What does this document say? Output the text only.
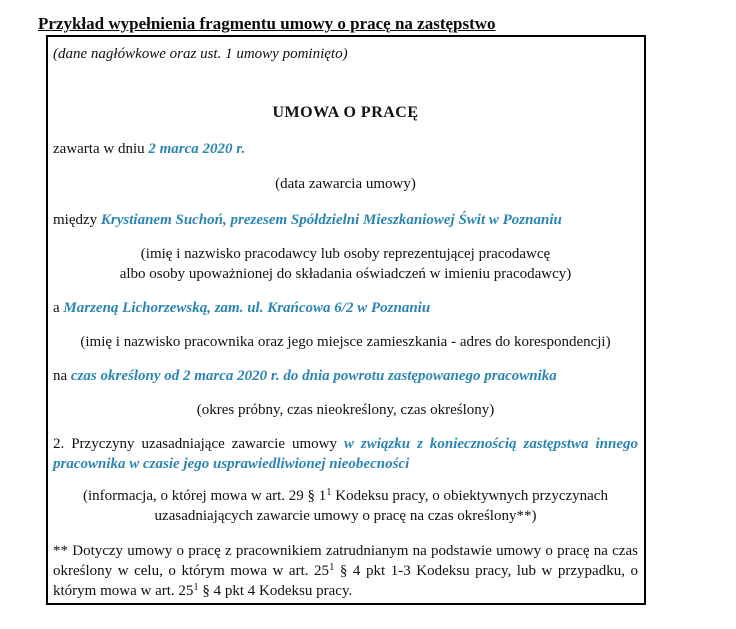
Przykład wypełnienia fragmentu umowy o pracę na zastępstwo

(dane nagłówkowe oraz ust. 1 umowy pominięto)

UMOWA O PRACĘ

zawarta w dniu 2 marca 2020 r.

(data zawarcia umowy)

między Krystianem Suchoń, prezesem Spółdzielni Mieszkaniowej Świt w Poznaniu

(imię i nazwisko pracodawcy lub osoby reprezentującej pracodawcę
albo osoby upoważnionej do składania oświadczeń w imieniu pracodawcy)

a Marzeną Lichorzewską, zam. ul. Krańcowa 6/2 w Poznaniu

(imię i nazwisko pracownika oraz jego miejsce zamieszkania - adres do korespondencji)

na czas określony od 2 marca 2020 r. do dnia powrotu zastępowanego pracownika

(okres próbny, czas nieokreślony, czas określony)

2. Przyczyny uzasadniające zawarcie umowy w związku z koniecznością zastępstwa innego pracownika w czasie jego usprawiedliwionej nieobecności

(informacja, o której mowa w art. 29 § $1^1$ Kodeksu pracy, o obiektywnych przyczynach uzasadniających zawarcie umowy o pracę na czas określony**)

** Dotyczy umowy o pracę z pracownikiem zatrudnianym na podstawie umowy o pracę na czas określony w celu, o którym mowa w art. $25^1$ § 4 pkt 1-3 Kodeksu pracy, lub w przypadku, o którym mowa w art. $25^1$ § 4 pkt 4 Kodeksu pracy.
